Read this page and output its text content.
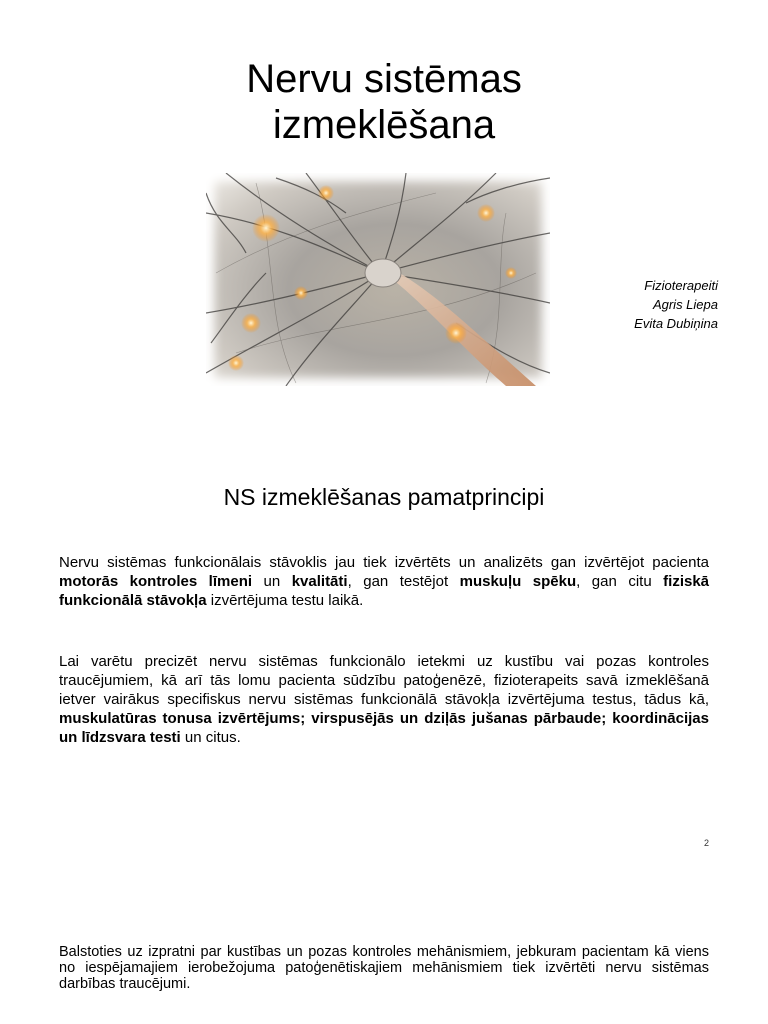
Nervu sistēmas
izmeklēšana
Fizioterapeiti
Agris Liepa
Evita Dubiņina
NS izmeklēšanas pamatprincipi
Nervu sistēmas funkcionālais stāvoklis jau tiek izvērtēts un analizēts gan izvērtējot pacienta motorās kontroles līmeni un kvalitāti, gan testējot muskuļu spēku, gan citu fiziskā funkcionālā stāvokļa izvērtējuma testu laikā.
Lai varētu precizēt nervu sistēmas funkcionālo ietekmi uz kustību vai pozas kontroles traucējumiem, kā arī tās lomu pacienta sūdzību patoģenēzē, fizioterapeits savā izmeklēšanā ietver vairākus specifiskus nervu sistēmas funkcionālā stāvokļa izvērtējuma testus, tādus kā, muskulatūras tonusa izvērtējums; virspusējās un dziļās jušanas pārbaude; koordinācijas un līdzsvara testi un citus.
2
Balstoties uz izpratni par kustības un pozas kontroles mehānismiem, jebkuram pacientam kā viens no iespējamajiem ierobežojuma patoģenētiskajiem mehānismiem tiek izvērtēti nervu sistēmas darbības traucējumi.
